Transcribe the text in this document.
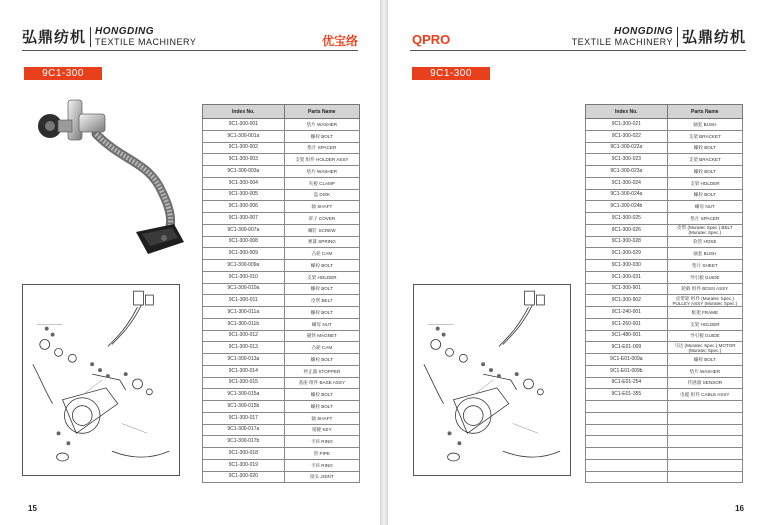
弘鼎纺机 HONGDING
TEXTILE MACHINERY	优宝络
9C1-300
Index No.	Parts Name
9C1-300-001	垫片 WASHER
9C1-300-001a	螺栓 BOLT
9C1-300-002	垫片 SPACER
9C1-300-003	支架 组件 HOLDER ASSY
9C1-300-003a	垫片 WASHER
9C1-300-004	夹板 CLAMP
9C1-300-005	盘 DISK
9C1-300-006	轴 SHAFT
9C1-300-007	罩子 COVER
9C1-300-007a	螺钉 SCREW
9C1-300-008	弹簧 SPRING
9C1-300-009	凸轮 CAM
9C1-300-009a	螺栓 BOLT
9C1-300-010	支架 HOLDER
9C1-300-010a	螺栓 BOLT
9C1-300-011	皮带 BELT
9C1-300-011a	螺栓 BOLT
9C1-300-011b	螺母 NUT
9C1-300-012	磁铁 MAGNET
9C1-300-013	凸轮 CAM
9C1-300-013a	螺栓 BOLT
9C1-300-014	停止器 STOPPER
9C1-300-015	基座 组件 BASE ASSY
9C1-300-015a	螺栓 BOLT
9C1-300-015b	螺栓 BOLT
9C1-300-017	轴 SHAFT
9C1-300-017a	销键 KEY
9C1-300-017b	卡环 RING
9C1-300-018	管 PIPE
9C1-300-019	卡环 RING
9C1-300-020	接头 JOINT
15
HONGDING
TEXTILE MACHINERY 弘鼎纺机
QPRO
9C1-300
Index No.	Parts Name
9C1-300-021	轴套 BUSH
9C1-300-022	支架 BRACKET
9C1-300-022a	螺栓 BOLT
9C1-300-023	支架 BRACKET
9C1-300-023a	螺栓 BOLT
9C1-300-024	支架 HOLDER
9C1-300-024a	螺栓 BOLT
9C1-300-024b	螺母 NUT
9C1-300-025	垫片 SPACER
9C1-300-026	皮带 (Muratec Spec.) BELT (Muratec Spec.)
9C1-300-028	软管 HOSE
9C1-300-029	轴套 BUSH
9C1-300-030	垫片 SHEET
9C1-300-031	导引板 GUIDE
9C1-300-901	轮毂 组件 BOSS ASSY
9C1-300-902	皮带轮 组件 (Muratec Spec.) PULLEY ASSY (Muratec Spec.)
9C1-240-001	框架 FRAME
9C1-260-001	支架 HOLDER
9C1-480-001	导引板 GUIDE
9C1-E01-009	马达 (Muratec Spec.) MOTOR (Muratec Spec.)
9C1-E01-009a	螺栓 BOLT
9C1-E01-009b	垫片 WASHER
9C1-E01-254	传感器 SENSOR
9C1-E01-355	电缆 组件 CABLE ASSY

16
